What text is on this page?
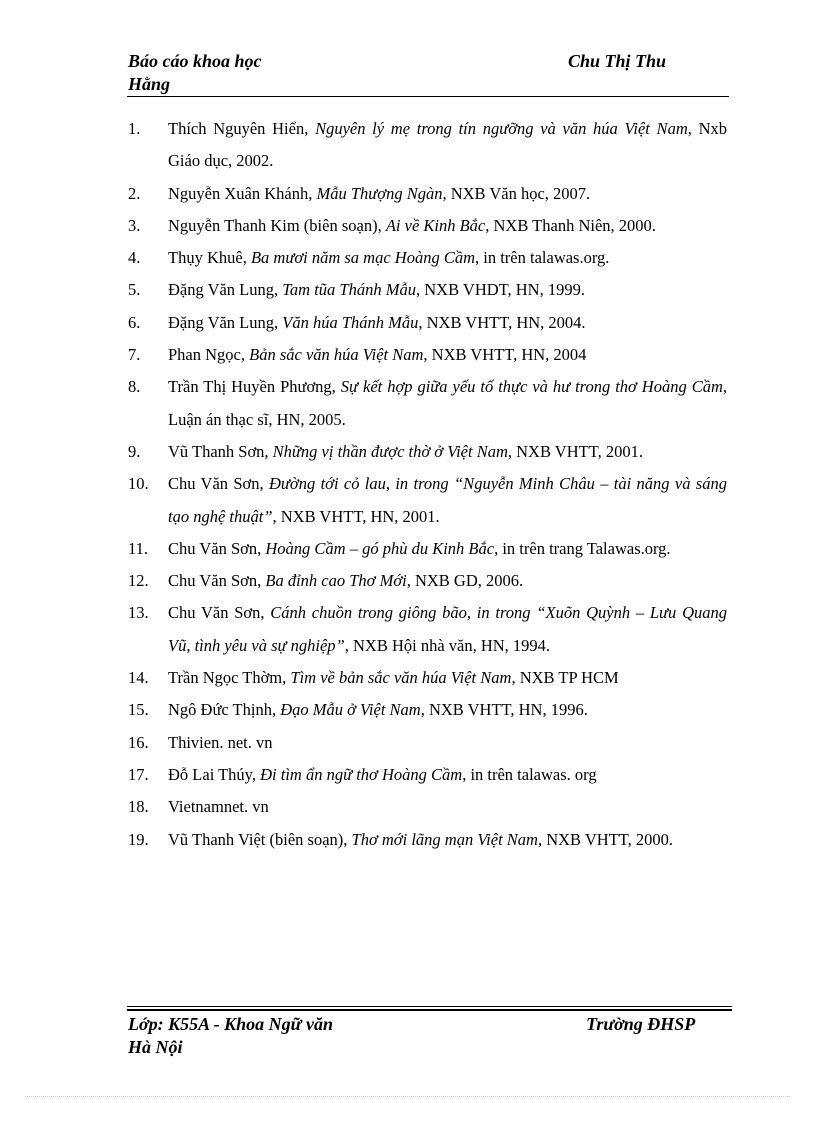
Báo cáo khoa học	Chu Thị Thu
Hằng
1.	Thích Nguyên Hiển, Nguyên lý mẹ trong tín ngưỡng và văn húa Việt Nam, Nxb Giáo dục, 2002.
2.	Nguyễn Xuân Khánh, Mẫu Thượng Ngàn, NXB Văn học, 2007.
3.	Nguyễn Thanh Kim (biên soạn), Ai về Kinh Bắc, NXB Thanh Niên, 2000.
4.	Thụy Khuê, Ba mươi năm sa mạc Hoàng Cầm, in trên talawas.org.
5.	Đặng Văn Lung, Tam tũa Thánh Mẫu, NXB VHDT, HN, 1999.
6.	Đặng Văn Lung, Văn húa Thánh Mẫu, NXB VHTT, HN, 2004.
7.	Phan Ngọc, Bản sắc văn húa Việt Nam, NXB VHTT, HN, 2004
8.	Trần Thị Huyền Phương, Sự kết hợp giữa yếu tố thực và hư trong thơ Hoàng Cầm, Luận án thạc sĩ, HN, 2005.
9.	Vũ Thanh Sơn, Những vị thần được thờ ở Việt Nam, NXB VHTT, 2001.
10.	Chu Văn Sơn, Đường tới cỏ lau, in trong “Nguyễn Minh Châu – tài năng và sáng tạo nghệ thuật”, NXB VHTT, HN, 2001.
11.	Chu Văn Sơn, Hoàng Cầm – gó phù du Kinh Bắc, in trên trang Talawas.org.
12.	Chu Văn Sơn, Ba đỉnh cao Thơ Mới, NXB GD, 2006.
13.	Chu Văn Sơn, Cánh chuồn trong giông bão, in trong “Xuõn Quỳnh – Lưu Quang Vũ, tình yêu và sự nghiệp”, NXB Hội nhà văn, HN, 1994.
14.	Trần Ngọc Thờm, Tìm về bản sắc văn húa Việt Nam, NXB TP HCM
15.	Ngô Đức Thịnh, Đạo Mẫu ở Việt Nam, NXB VHTT, HN, 1996.
16.	Thivien. net. vn
17.	Đỗ Lai Thúy, Đi tìm ẩn ngữ thơ Hoàng Cầm, in trên talawas. org
18.	Vietnamnet. vn
19.	Vũ Thanh Việt (biên soạn), Thơ mới lãng mạn Việt Nam, NXB VHTT, 2000.
Lớp: K55A - Khoa Ngữ văn	Trường ĐHSP
Hà Nội
